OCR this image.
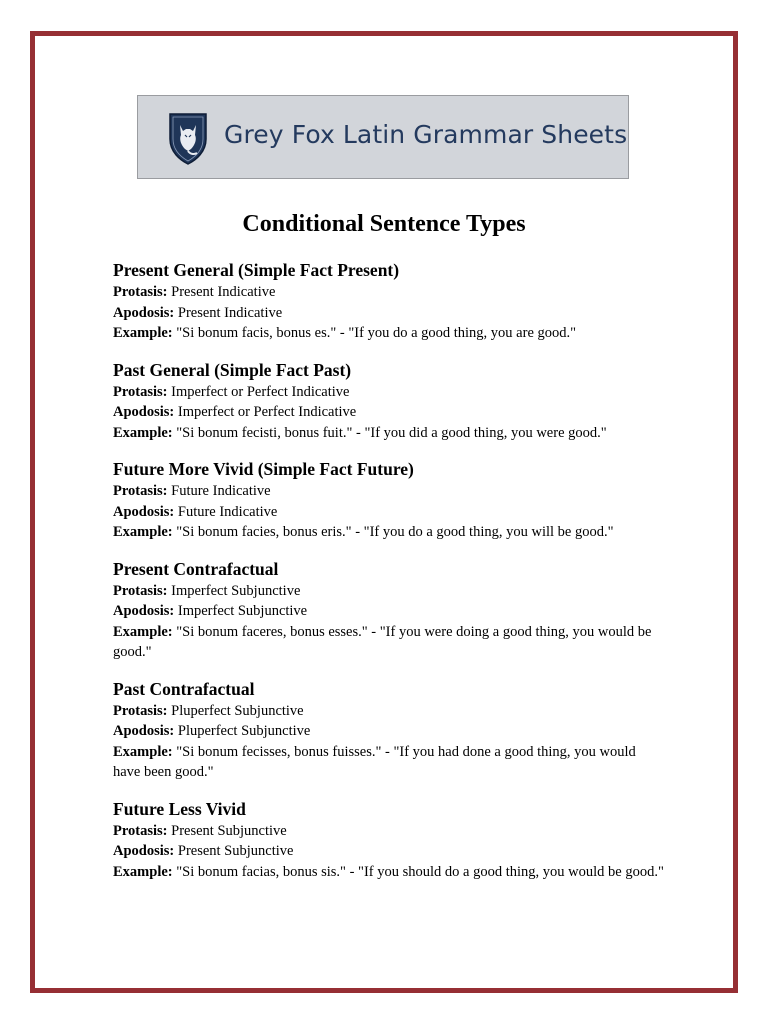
Grey Fox Latin Grammar Sheets
Conditional Sentence Types
Present General (Simple Fact Present)
Protasis: Present Indicative
Apodosis: Present Indicative
Example: "Si bonum facis, bonus es." - "If you do a good thing, you are good."
Past General (Simple Fact Past)
Protasis: Imperfect or Perfect Indicative
Apodosis: Imperfect or Perfect Indicative
Example: "Si bonum fecisti, bonus fuit." - "If you did a good thing, you were good."
Future More Vivid (Simple Fact Future)
Protasis: Future Indicative
Apodosis: Future Indicative
Example: "Si bonum facies, bonus eris." - "If you do a good thing, you will be good."
Present Contrafactual
Protasis: Imperfect Subjunctive
Apodosis: Imperfect Subjunctive
Example: "Si bonum faceres, bonus esses." - "If you were doing a good thing, you would be good."
Past Contrafactual
Protasis: Pluperfect Subjunctive
Apodosis: Pluperfect Subjunctive
Example: "Si bonum fecisses, bonus fuisses." - "If you had done a good thing, you would have been good."
Future Less Vivid
Protasis: Present Subjunctive
Apodosis: Present Subjunctive
Example: "Si bonum facias, bonus sis." - "If you should do a good thing, you would be good."
